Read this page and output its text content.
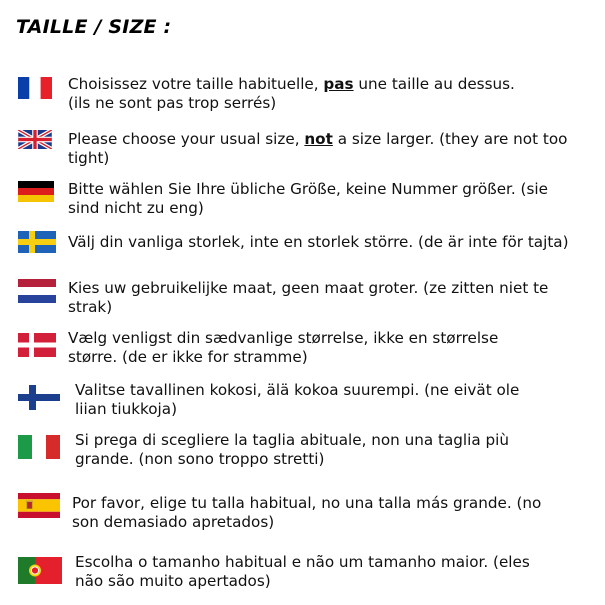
TAILLE / SIZE :
Choisissez votre taille habituelle, pas une taille au dessus.
(ils ne sont pas trop serrés)
Please choose your usual size, not a size larger. (they are not too
tight)
Bitte wählen Sie Ihre übliche Größe, keine Nummer größer. (sie
sind nicht zu eng)
Välj din vanliga storlek, inte en storlek större. (de är inte för tajta)
Kies uw gebruikelijke maat, geen maat groter. (ze zitten niet te
strak)
Vælg venligst din sædvanlige størrelse, ikke en størrelse
større. (de er ikke for stramme)
Valitse tavallinen kokosi, älä kokoa suurempi. (ne eivät ole
liian tiukkoja)
Si prega di scegliere la taglia abituale, non una taglia più
grande. (non sono troppo stretti)
Por favor, elige tu talla habitual, no una talla más grande. (no
son demasiado apretados)
Escolha o tamanho habitual e não um tamanho maior. (eles
não são muito apertados)
